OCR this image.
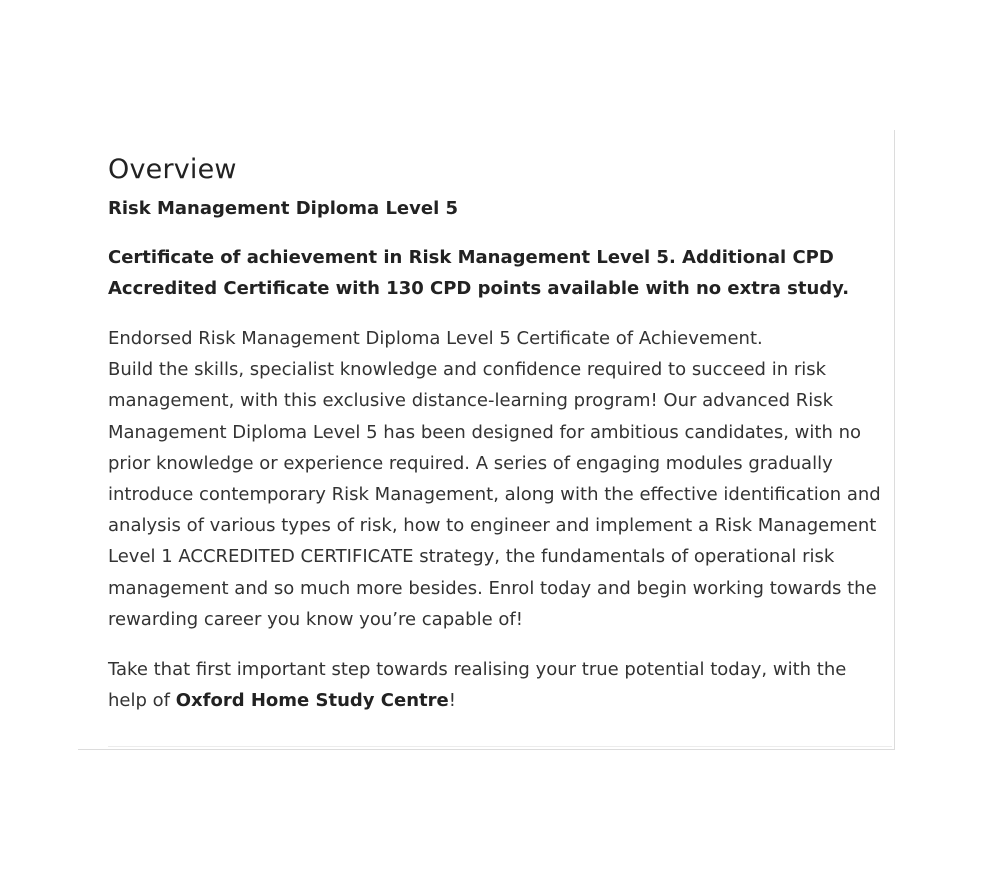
Overview

Risk Management Diploma Level 5

Certificate of achievement in Risk Management Level 5. Additional CPD Accredited Certificate with 130 CPD points available with no extra study.

Endorsed Risk Management Diploma Level 5 Certificate of Achievement.
Build the skills, specialist knowledge and confidence required to succeed in risk management, with this exclusive distance-learning program! Our advanced Risk Management Diploma Level 5 has been designed for ambitious candidates, with no prior knowledge or experience required. A series of engaging modules gradually introduce contemporary Risk Management, along with the effective identification and analysis of various types of risk, how to engineer and implement a Risk Management Level 1 ACCREDITED CERTIFICATE strategy, the fundamentals of operational risk management and so much more besides. Enrol today and begin working towards the rewarding career you know you’re capable of!

Take that first important step towards realising your true potential today, with the help of Oxford Home Study Centre!
